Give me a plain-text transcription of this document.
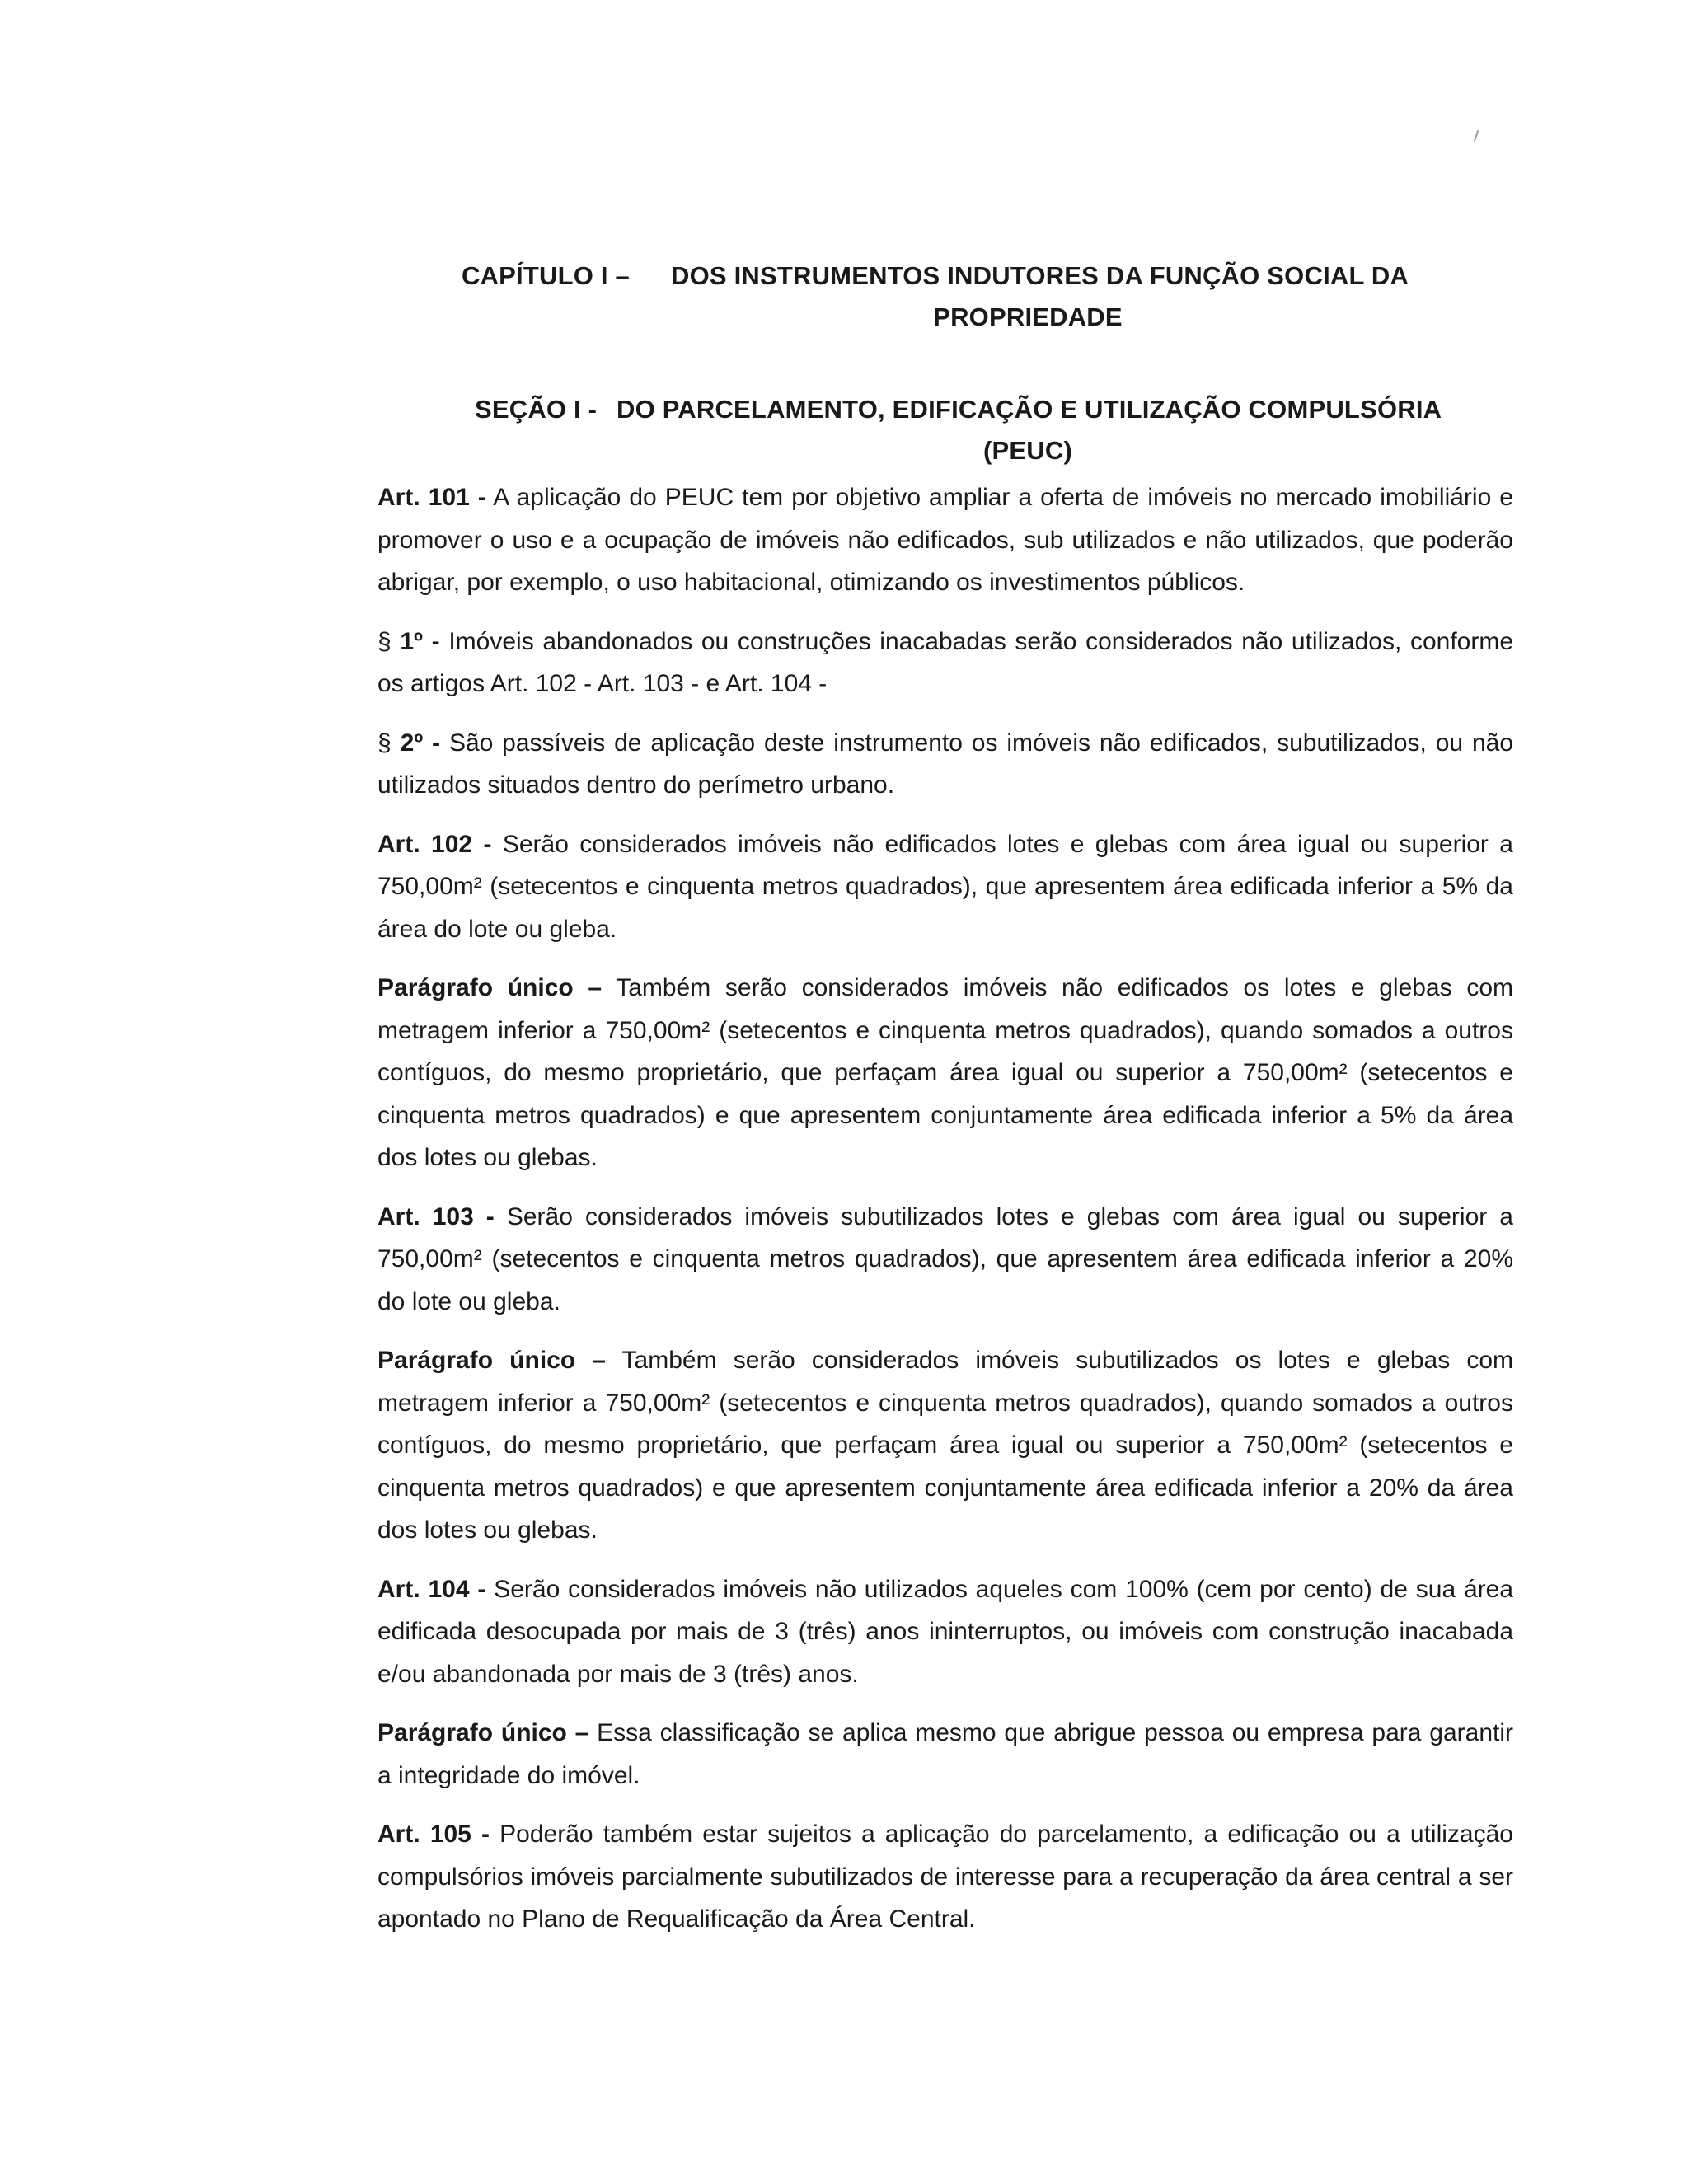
CAPÍTULO I – DOS INSTRUMENTOS INDUTORES DA FUNÇÃO SOCIAL DA
PROPRIEDADE
SEÇÃO I - DO PARCELAMENTO, EDIFICAÇÃO E UTILIZAÇÃO COMPULSÓRIA
(PEUC)

Art. 101 - A aplicação do PEUC tem por objetivo ampliar a oferta de imóveis no mercado imobiliário e promover o uso e a ocupação de imóveis não edificados, sub utilizados e não utilizados, que poderão abrigar, por exemplo, o uso habitacional, otimizando os investimentos públicos.

§ 1º - Imóveis abandonados ou construções inacabadas serão considerados não utilizados, conforme os artigos Art. 102 - Art. 103 - e Art. 104 -

§ 2º - São passíveis de aplicação deste instrumento os imóveis não edificados, subutilizados, ou não utilizados situados dentro do perímetro urbano.

Art. 102 - Serão considerados imóveis não edificados lotes e glebas com área igual ou superior a 750,00m² (setecentos e cinquenta metros quadrados), que apresentem área edificada inferior a 5% da área do lote ou gleba.

Parágrafo único – Também serão considerados imóveis não edificados os lotes e glebas com metragem inferior a 750,00m² (setecentos e cinquenta metros quadrados), quando somados a outros contíguos, do mesmo proprietário, que perfaçam área igual ou superior a 750,00m² (setecentos e cinquenta metros quadrados) e que apresentem conjuntamente área edificada inferior a 5% da área dos lotes ou glebas.

Art. 103 - Serão considerados imóveis subutilizados lotes e glebas com área igual ou superior a 750,00m² (setecentos e cinquenta metros quadrados), que apresentem área edificada inferior a 20% do lote ou gleba.

Parágrafo único – Também serão considerados imóveis subutilizados os lotes e glebas com metragem inferior a 750,00m² (setecentos e cinquenta metros quadrados), quando somados a outros contíguos, do mesmo proprietário, que perfaçam área igual ou superior a 750,00m² (setecentos e cinquenta metros quadrados) e que apresentem conjuntamente área edificada inferior a 20% da área dos lotes ou glebas.

Art. 104 - Serão considerados imóveis não utilizados aqueles com 100% (cem por cento) de sua área edificada desocupada por mais de 3 (três) anos ininterruptos, ou imóveis com construção inacabada e/ou abandonada por mais de 3 (três) anos.

Parágrafo único – Essa classificação se aplica mesmo que abrigue pessoa ou empresa para garantir a integridade do imóvel.

Art. 105 - Poderão também estar sujeitos a aplicação do parcelamento, a edificação ou a utilização compulsórios imóveis parcialmente subutilizados de interesse para a recuperação da área central a ser apontado no Plano de Requalificação da Área Central.
